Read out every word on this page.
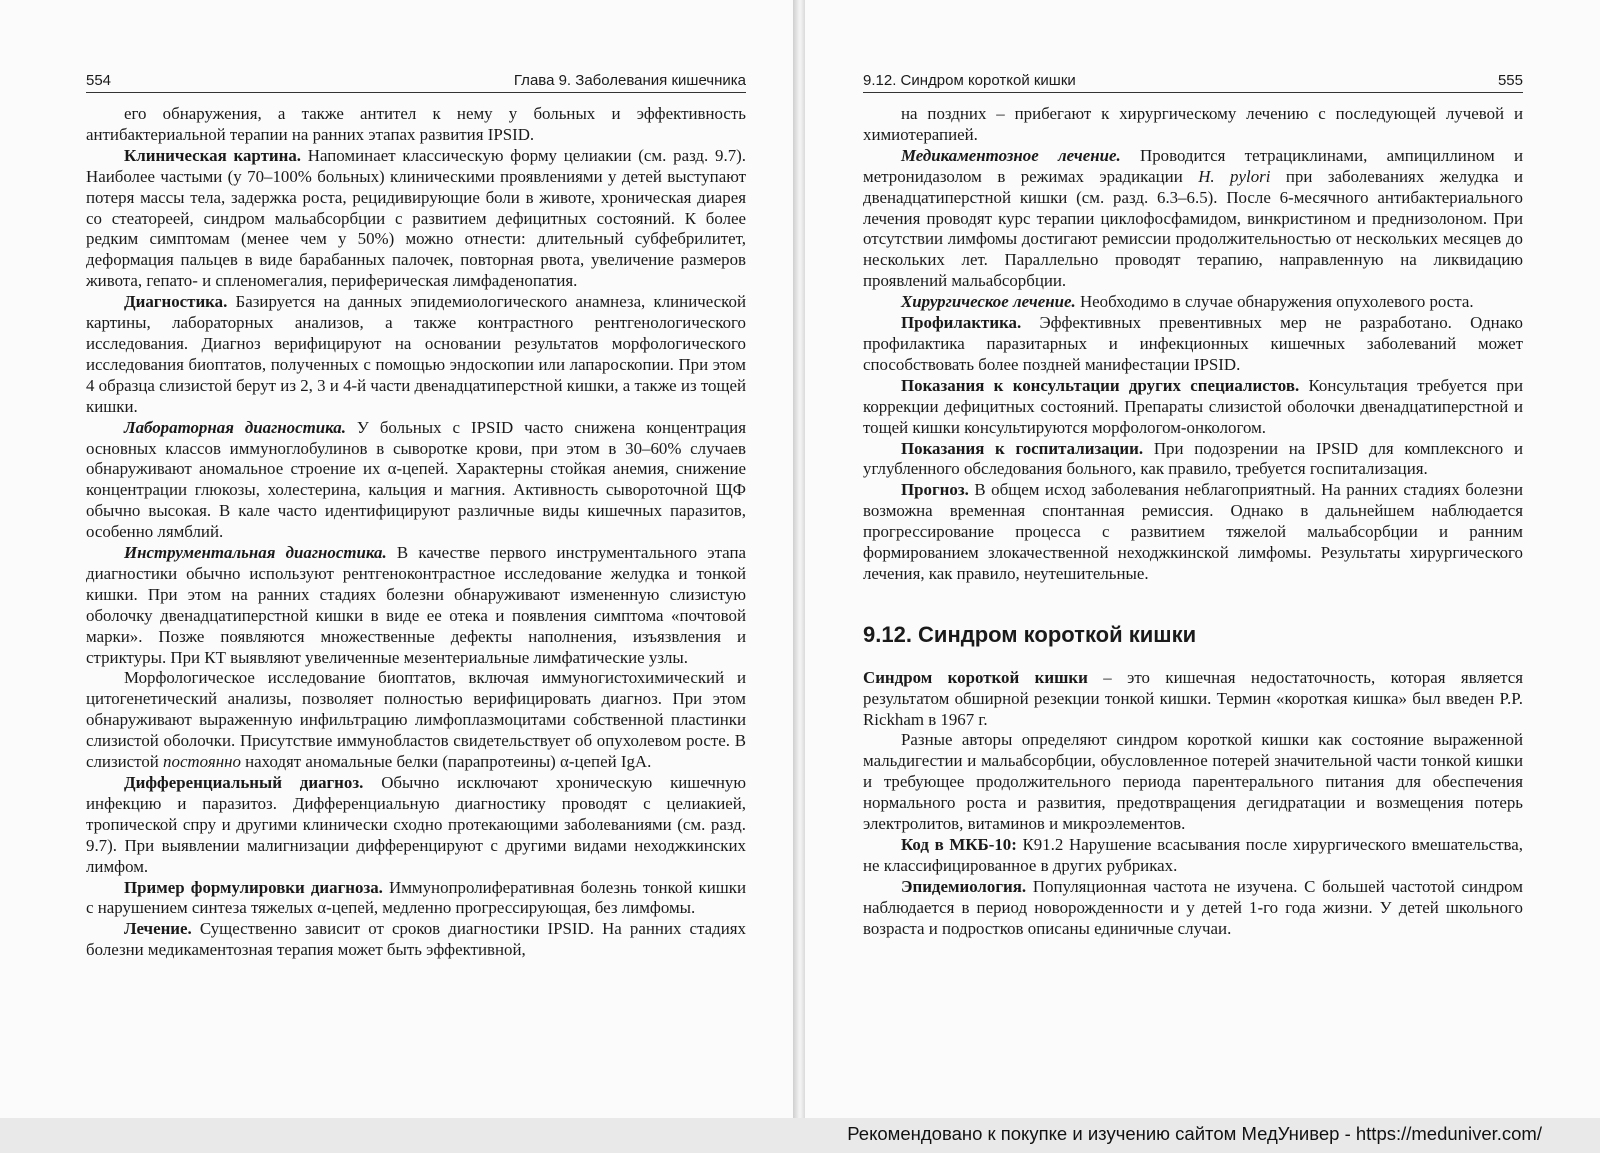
554	Глава 9. Заболевания кишечника

его обнаружения, а также антител к нему у больных и эффективность антибактериальной терапии на ранних этапах развития IPSID.

Клиническая картина. Напоминает классическую форму целиакии (см. разд. 9.7). Наиболее частыми (у 70–100% больных) клиническими проявлениями у детей выступают потеря массы тела, задержка роста, рецидивирующие боли в животе, хроническая диарея со стеатореей, синдром мальабсорбции с развитием дефицитных состояний. К более редким симптомам (менее чем у 50%) можно отнести: длительный субфебрилитет, деформация пальцев в виде барабанных палочек, повторная рвота, увеличение размеров живота, гепато- и спленомегалия, периферическая лимфаденопатия.

Диагностика. Базируется на данных эпидемиологического анамнеза, клинической картины, лабораторных анализов, а также контрастного рентгенологического исследования. Диагноз верифицируют на основании результатов морфологического исследования биоптатов, полученных с помощью эндоскопии или лапароскопии. При этом 4 образца слизистой берут из 2, 3 и 4-й части двенадцатиперстной кишки, а также из тощей кишки.

Лабораторная диагностика. У больных с IPSID часто снижена концентрация основных классов иммуноглобулинов в сыворотке крови, при этом в 30–60% случаев обнаруживают аномальное строение их α-цепей. Характерны стойкая анемия, снижение концентрации глюкозы, холестерина, кальция и магния. Активность сывороточной ЩФ обычно высокая. В кале часто идентифицируют различные виды кишечных паразитов, особенно лямблий.

Инструментальная диагностика. В качестве первого инструментального этапа диагностики обычно используют рентгеноконтрастное исследование желудка и тонкой кишки. При этом на ранних стадиях болезни обнаруживают измененную слизистую оболочку двенадцатиперстной кишки в виде ее отека и появления симптома «почтовой марки». Позже появляются множественные дефекты наполнения, изъязвления и стриктуры. При КТ выявляют увеличенные мезентериальные лимфатические узлы.

Морфологическое исследование биоптатов, включая иммуногистохимический и цитогенетический анализы, позволяет полностью верифицировать диагноз. При этом обнаруживают выраженную инфильтрацию лимфоплазмоцитами собственной пластинки слизистой оболочки. Присутствие иммунобластов свидетельствует об опухолевом росте. В слизистой постоянно находят аномальные белки (парапротеины) α-цепей IgA.

Дифференциальный диагноз. Обычно исключают хроническую кишечную инфекцию и паразитоз. Дифференциальную диагностику проводят с целиакией, тропической спру и другими клинически сходно протекающими заболеваниями (см. разд. 9.7). При выявлении малигнизации дифференцируют с другими видами неходжкинских лимфом.

Пример формулировки диагноза. Иммунопролиферативная болезнь тонкой кишки с нарушением синтеза тяжелых α-цепей, медленно прогрессирующая, без лимфомы.

Лечение. Существенно зависит от сроков диагностики IPSID. На ранних стадиях болезни медикаментозная терапия может быть эффективной,

9.12. Синдром короткой кишки	555

на поздних – прибегают к хирургическому лечению с последующей лучевой и химиотерапией.

Медикаментозное лечение. Проводится тетрациклинами, ампициллином и метронидазолом в режимах эрадикации H. pylori при заболеваниях желудка и двенадцатиперстной кишки (см. разд. 6.3–6.5). После 6-месячного антибактериального лечения проводят курс терапии циклофосфамидом, винкристином и преднизолоном. При отсутствии лимфомы достигают ремиссии продолжительностью от нескольких месяцев до нескольких лет. Параллельно проводят терапию, направленную на ликвидацию проявлений мальабсорбции.

Хирургическое лечение. Необходимо в случае обнаружения опухолевого роста.

Профилактика. Эффективных превентивных мер не разработано. Однако профилактика паразитарных и инфекционных кишечных заболеваний может способствовать более поздней манифестации IPSID.

Показания к консультации других специалистов. Консультация требуется при коррекции дефицитных состояний. Препараты слизистой оболочки двенадцатиперстной и тощей кишки консультируются морфологом-онкологом.

Показания к госпитализации. При подозрении на IPSID для комплексного и углубленного обследования больного, как правило, требуется госпитализация.

Прогноз. В общем исход заболевания неблагоприятный. На ранних стадиях болезни возможна временная спонтанная ремиссия. Однако в дальнейшем наблюдается прогрессирование процесса с развитием тяжелой мальабсорбции и ранним формированием злокачественной неходжкинской лимфомы. Результаты хирургического лечения, как правило, неутешительные.

9.12. Синдром короткой кишки

Синдром короткой кишки – это кишечная недостаточность, которая является результатом обширной резекции тонкой кишки. Термин «короткая кишка» был введен P.P. Rickham в 1967 г.

Разные авторы определяют синдром короткой кишки как состояние выраженной мальдигестии и мальабсорбции, обусловленное потерей значительной части тонкой кишки и требующее продолжительного периода парентерального питания для обеспечения нормального роста и развития, предотвращения дегидратации и возмещения потерь электролитов, витаминов и микроэлементов.

Код в МКБ-10: К91.2 Нарушение всасывания после хирургического вмешательства, не классифицированное в других рубриках.

Эпидемиология. Популяционная частота не изучена. С большей частотой синдром наблюдается в период новорожденности и у детей 1-го года жизни. У детей школьного возраста и подростков описаны единичные случаи.

Рекомендовано к покупке и изучению сайтом МедУнивер - https://meduniver.com/
